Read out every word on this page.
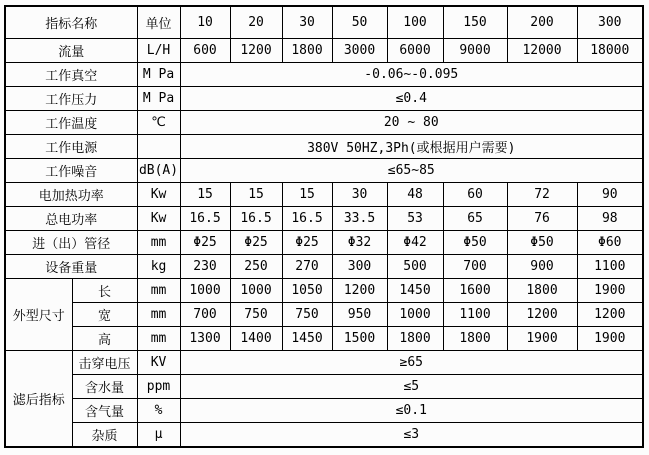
指标名称		单位	10	20	30	50	100	150	200	300
流量		L/H	600	1200	1800	3000	6000	9000	12000	18000
工作真空		M Pa	-0.06~-0.095							
工作压力		M Pa	≤0.4							
工作温度		℃	20 ~ 80							
工作电源			380V 50HZ,3Ph(或根据用户需要)							
工作噪音		dB(A)	≤65~85							
电加热功率		Kw	15	15	15	30	48	60	72	90
总电功率		Kw	16.5	16.5	16.5	33.5	53	65	76	98
进（出）管径		mm	Φ25	Φ25	Φ25	Φ32	Φ42	Φ50	Φ50	Φ60
设备重量		kg	230	250	270	300	500	700	900	1100
外型尺寸	长	mm	1000	1000	1050	1200	1450	1600	1800	1900
	宽	mm	700	750	750	950	1000	1100	1200	1200
	高	mm	1300	1400	1450	1500	1800	1800	1900	1900
滤后指标	击穿电压	KV	≥65							
	含水量	ppm	≤5							
	含气量	%	≤0.1							
	杂质	μ	≤3							
